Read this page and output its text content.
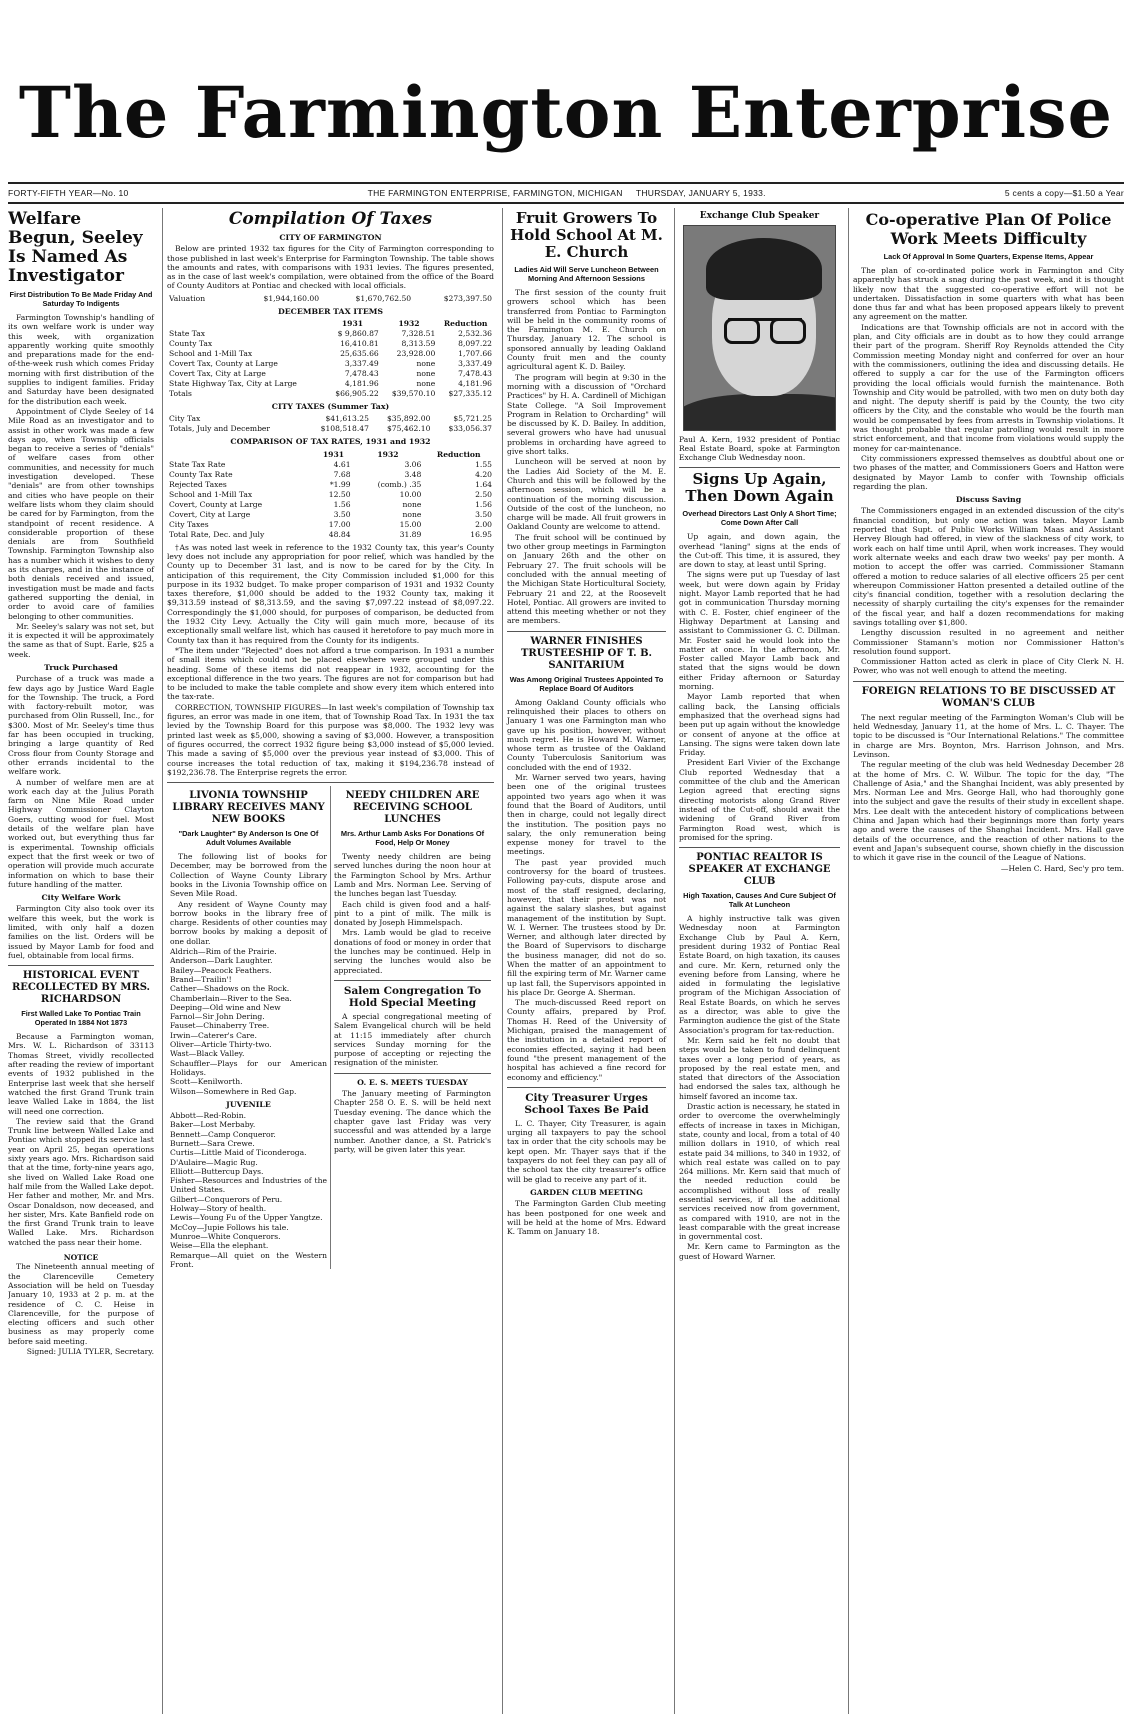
The Farmington Enterprise
FORTY-FIFTH YEAR—No. 10	THE FARMINGTON ENTERPRISE, FARMINGTON, MICHIGAN THURSDAY, JANUARY 5, 1933.	5 cents a copy—$1.50 a Year
Welfare Begun, Seeley Is Named As Investigator
First Distribution To Be Made Friday And Saturday To Indigents

Farmington Township's handling of its own welfare work is under way this week, with organization apparently working quite smoothly and preparations made for the end-of-the-week rush which comes Friday morning with first distribution of the supplies to indigent families. Friday and Saturday have been designated for the distribution each week.

Appointment of Clyde Seeley of 14 Mile Road as an investigator and to assist in other work was made a few days ago, when Township officials began to receive a series of "denials" of welfare cases from other communities, and necessity for much investigation developed. These "denials" are from other townships and cities who have people on their welfare lists whom they claim should be cared for by Farmington, from the standpoint of recent residence. A considerable proportion of these denials are from Southfield Township. Farmington Township also has a number which it wishes to deny as its charges, and in the instance of both denials received and issued, investigation must be made and facts gathered supporting the denial, in order to avoid care of families belonging to other communities.

Mr. Seeley's salary was not set, but it is expected it will be approximately the same as that of Supt. Earle, $25 a week.

Truck Purchased

Purchase of a truck was made a few days ago by Justice Ward Eagle for the Township. The truck, a Ford with factory-rebuilt motor, was purchased from Olin Russell, Inc., for $300. Most of Mr. Seeley's time thus far has been occupied in trucking, bringing a large quantity of Red Cross flour from County Storage and other errands incidental to the welfare work.

A number of welfare men are at work each day at the Julius Porath farm on Nine Mile Road under Highway Commissioner Clayton Goers, cutting wood for fuel. Most details of the welfare plan have worked out, but everything thus far is experimental. Township officials expect that the first week or two of operation will provide much accurate information on which to base their future handling of the matter.

City Welfare Work

Farmington City also took over its welfare this week, but the work is limited, with only half a dozen families on the list. Orders will be issued by Mayor Lamb for food and fuel, obtainable from local firms.

HISTORICAL EVENT RECOLLECTED BY MRS. RICHARDSON
First Walled Lake To Pontiac Train Operated In 1884 Not 1873

Because a Farmington woman, Mrs. W. L. Richardson of 33113 Thomas Street, vividly recollected after reading the review of important events of 1932 published in the Enterprise last week that she herself watched the first Grand Trunk train leave Walled Lake in 1884, the list will need one correction.

The review said that the Grand Trunk line between Walled Lake and Pontiac which stopped its service last year on April 25, began operations sixty years ago. Mrs. Richardson said that at the time, forty-nine years ago, she lived on Walled Lake Road one half mile from the Walled Lake depot. Her father and mother, Mr. and Mrs. Oscar Donaldson, now deceased, and her sister, Mrs. Kate Banfield rode on the first Grand Trunk train to leave Walled Lake. Mrs. Richardson watched the pass near their home.

NOTICE

The Nineteenth annual meeting of the Clarenceville Cemetery Association will be held on Tuesday January 10, 1933 at 2 p. m. at the residence of C. C. Heise in Clarenceville, for the purpose of electing officers and such other business as may properly come before said meeting.

Signed: JULIA TYLER, Secretary.

Compilation Of Taxes
CITY OF FARMINGTON

Below are printed 1932 tax figures for the City of Farmington corresponding to those published in last week's Enterprise for Farmington Township. The table shows the amounts and rates, with comparisons with 1931 levies. The figures presented, as in the case of last week's compilation, were obtained from the office of the Board of County Auditors at Pontiac and checked with local officials.

Valuation	$1,944,160.00	$1,670,762.50	$273,397.50
DECEMBER TAX ITEMS
	1931	1932	Reduction
State Tax	$ 9,860.87	7,328.51	2,532.36
County Tax	16,410.81	8,313.59	8,097.22
School and 1-Mill Tax	25,635.66	23,928.00	1,707.66
Covert Tax, County at Large	3,337.49	none	3,337.49
Covert Tax, City at Large	7,478.43	none	7,478.43
State Highway Tax, City at Large	4,181.96	none	4,181.96
Totals	$66,905.22	$39,570.10	$27,335.12
CITY TAXES (Summer Tax)
City Tax	$41,613.25	$35,892.00	$5,721.25
Totals, July and December	$108,518.47	$75,462.10	$33,056.37
COMPARISON OF TAX RATES, 1931 and 1932
	1931	1932	Reduction
State Tax Rate	4.61	3.06	1.55
County Tax Rate	7.68	3.48	4.20
Rejected Taxes	*1.99	(comb.) .35	1.64
School and 1-Mill Tax	12.50	10.00	2.50
Covert, County at Large	1.56	none	1.56
Covert, City at Large	3.50	none	3.50
City Taxes	17.00	15.00	2.00
Total Rate, Dec. and July	48.84	31.89	16.95

†As was noted last week in reference to the 1932 County tax, this year's County levy does not include any appropriation for poor relief, which was handled by the County up to December 31 last, and is now to be cared for by the City. In anticipation of this requirement, the City Commission included $1,000 for this purpose in its 1932 budget. To make proper comparison of 1931 and 1932 County taxes therefore, $1,000 should be added to the 1932 County tax, making it $9,313.59 instead of $8,313.59, and the saving $7,097.22 instead of $8,097.22. Correspondingly the $1,000 should, for purposes of comparison, be deducted from the 1932 City Levy. Actually the City will gain much more, because of its exceptionally small welfare list, which has caused it heretofore to pay much more in County tax than it has required from the County for its indigents.

*The item under "Rejected" does not afford a true comparison. In 1931 a number of small items which could not be placed elsewhere were grouped under this heading. Some of these items did not reappear in 1932, accounting for the exceptional difference in the two years. The figures are not for comparison but had to be included to make the table complete and show every item which entered into the tax-rate.

CORRECTION, TOWNSHIP FIGURES—In last week's compilation of Township tax figures, an error was made in one item, that of Township Road Tax. In 1931 the tax levied by the Township Board for this purpose was $8,000. The 1932 levy was printed last week as $5,000, showing a saving of $3,000. However, a transposition of figures occurred, the correct 1932 figure being $3,000 instead of $5,000 levied. This made a saving of $5,000 over the previous year instead of $3,000. This of course increases the total reduction of tax, making it $194,236.78 instead of $192,236.78. The Enterprise regrets the error.

LIVONIA TOWNSHIP LIBRARY RECEIVES MANY NEW BOOKS
"Dark Laughter" By Anderson Is One Of Adult Volumes Available

The following list of books for December, may be borrowed from the Collection of Wayne County Library books in the Livonia Township office on Seven Mile Road.

Any resident of Wayne County may borrow books in the library free of charge. Residents of other counties may borrow books by making a deposit of one dollar.

Aldrich—Rim of the Prairie.
Anderson—Dark Laughter.
Bailey—Peacock Feathers.
Brand—Trailin'!
Cather—Shadows on the Rock.
Chamberlain—River to the Sea.
Deeping—Old wine and New
Farnol—Sir John Dering.
Fauset—Chinaberry Tree.
Irwin—Caterer's Care.
Oliver—Article Thirty-two.
Wast—Black Valley.
Schauffler—Plays for our American Holidays.
Scott—Kenilworth.
Wilson—Somewhere in Red Gap.
JUVENILE
Abbott—Red-Robin.
Baker—Lost Merbaby.
Bennett—Camp Conqueror.
Burnett—Sara Crewe.
Curtis—Little Maid of Ticonderoga.
D'Aulaire—Magic Rug.
Elliott—Buttercup Days.
Fisher—Resources and Industries of the United States.
Gilbert—Conquerors of Peru.
Holway—Story of health.
Lewis—Young Fu of the Upper Yangtze.
McCoy—Jupie Follows his tale.
Munroe—White Conquerors.
Weise—Ella the elephant.
Remarque—All quiet on the Western Front.
NEEDY CHILDREN ARE RECEIVING SCHOOL LUNCHES
Mrs. Arthur Lamb Asks For Donations Of Food, Help Or Money

Twenty needy children are being served lunches during the noon hour at the Farmington School by Mrs. Arthur Lamb and Mrs. Norman Lee. Serving of the lunches began last Tuesday.

Each child is given food and a half-pint to a pint of milk. The milk is donated by Joseph Himmelspach.

Mrs. Lamb would be glad to receive donations of food or money in order that the lunches may be continued. Help in serving the lunches would also be appreciated.

Salem Congregation To Hold Special Meeting

A special congregational meeting of Salem Evangelical church will be held at 11:15 immediately after church services Sunday morning for the purpose of accepting or rejecting the resignation of the minister.

O. E. S. MEETS TUESDAY

The January meeting of Farmington Chapter 258 O. E. S. will be held next Tuesday evening. The dance which the chapter gave last Friday was very successful and was attended by a large number. Another dance, a St. Patrick's party, will be given later this year.

Fruit Growers To Hold School At M. E. Church
Ladies Aid Will Serve Luncheon Between Morning And Afternoon Sessions

The first session of the county fruit growers school which has been transferred from Pontiac to Farmington will be held in the community rooms of the Farmington M. E. Church on Thursday, January 12. The school is sponsored annually by leading Oakland County fruit men and the county agricultural agent K. D. Bailey.

The program will begin at 9:30 in the morning with a discussion of "Orchard Practices" by H. A. Cardinell of Michigan State College. "A Soil Improvement Program in Relation to Orcharding" will be discussed by K. D. Bailey. In addition, several growers who have had unusual problems in orcharding have agreed to give short talks.

Luncheon will be served at noon by the Ladies Aid Society of the M. E. Church and this will be followed by the afternoon session, which will be a continuation of the morning discussion. Outside of the cost of the luncheon, no charge will be made. All fruit growers in Oakland County are welcome to attend.

The fruit school will be continued by two other group meetings in Farmington on January 26th and the other on February 27. The fruit schools will be concluded with the annual meeting of the Michigan State Horticultural Society, February 21 and 22, at the Roosevelt Hotel, Pontiac. All growers are invited to attend this meeting whether or not they are members.

WARNER FINISHES TRUSTEESHIP OF T. B. SANITARIUM
Was Among Original Trustees Appointed To Replace Board Of Auditors

Among Oakland County officials who relinquished their places to others on January 1 was one Farmington man who gave up his position, however, without much regret. He is Howard M. Warner, whose term as trustee of the Oakland County Tuberculosis Sanitorium was concluded with the end of 1932.

Mr. Warner served two years, having been one of the original trustees appointed two years ago when it was found that the Board of Auditors, until then in charge, could not legally direct the institution. The position pays no salary, the only remuneration being expense money for travel to the meetings.

The past year provided much controversy for the board of trustees. Following pay-cuts, dispute arose and most of the staff resigned, declaring, however, that their protest was not against the salary slashes, but against management of the institution by Supt. W. I. Werner. The trustees stood by Dr. Werner, and although later directed by the Board of Supervisors to discharge the business manager, did not do so. When the matter of an appointment to fill the expiring term of Mr. Warner came up last fall, the Supervisors appointed in his place Dr. George A. Sherman.

The much-discussed Reed report on County affairs, prepared by Prof. Thomas H. Reed of the University of Michigan, praised the management of the institution in a detailed report of economies effected, saying it had been found "the present management of the hospital has achieved a fine record for economy and efficiency."

City Treasurer Urges School Taxes Be Paid

L. C. Thayer, City Treasurer, is again urging all taxpayers to pay the school tax in order that the city schools may be kept open. Mr. Thayer says that if the taxpayers do not feel they can pay all of the school tax the city treasurer's office will be glad to receive any part of it.

GARDEN CLUB MEETING

The Farmington Garden Club meeting has been postponed for one week and will be held at the home of Mrs. Edward K. Tamm on January 18.

Exchange Club Speaker
Paul A. Kern, 1932 president of Pontiac Real Estate Board, spoke at Farmington Exchange Club Wednesday noon.
Signs Up Again, Then Down Again
Overhead Directors Last Only A Short Time; Come Down After Call

Up again, and down again, the overhead "laning" signs at the ends of the Cut-off. This time, it is assured, they are down to stay, at least until Spring.

The signs were put up Tuesday of last week, but were down again by Friday night. Mayor Lamb reported that he had got in communication Thursday morning with C. E. Foster, chief engineer of the Highway Department at Lansing and assistant to Commissioner G. C. Dillman. Mr. Foster said he would look into the matter at once. In the afternoon, Mr. Foster called Mayor Lamb back and stated that the signs would be down either Friday afternoon or Saturday morning.

Mayor Lamb reported that when calling back, the Lansing officials emphasized that the overhead signs had been put up again without the knowledge or consent of anyone at the office at Lansing. The signs were taken down late Friday.

President Earl Vivier of the Exchange Club reported Wednesday that a committee of the club and the American Legion agreed that erecting signs directing motorists along Grand River instead of the Cut-off, should await the widening of Grand River from Farmington Road west, which is promised for the spring.

PONTIAC REALTOR IS SPEAKER AT EXCHANGE CLUB
High Taxation, Causes And Cure Subject Of Talk At Luncheon

A highly instructive talk was given Wednesday noon at Farmington Exchange Club by Paul A. Kern, president during 1932 of Pontiac Real Estate Board, on high taxation, its causes and cure. Mr. Kern, returned only the evening before from Lansing, where he aided in formulating the legislative program of the Michigan Association of Real Estate Boards, on which he serves as a director, was able to give the Farmington audience the gist of the State Association's program for tax-reduction.

Mr. Kern said he felt no doubt that steps would be taken to fund delinquent taxes over a long period of years, as proposed by the real estate men, and stated that directors of the Association had endorsed the sales tax, although he himself favored an income tax.

Drastic action is necessary, he stated in order to overcome the overwhelmingly effects of increase in taxes in Michigan, state, county and local, from a total of 40 million dollars in 1910, of which real estate paid 34 millions, to 340 in 1932, of which real estate was called on to pay 264 millions. Mr. Kern said that much of the needed reduction could be accomplished without loss of really essential services, if all the additional services received now from government, as compared with 1910, are not in the least comparable with the great increase in governmental cost.

Mr. Kern came to Farmington as the guest of Howard Warner.

Co-operative Plan Of Police Work Meets Difficulty
Lack Of Approval In Some Quarters, Expense Items, Appear

The plan of co-ordinated police work in Farmington and City apparently has struck a snag during the past week, and it is thought likely now that the suggested co-operative effort will not be undertaken. Dissatisfaction in some quarters with what has been done thus far and what has been proposed appears likely to prevent any agreement on the matter.

Indications are that Township officials are not in accord with the plan, and City officials are in doubt as to how they could arrange their part of the program. Sheriff Roy Reynolds attended the City Commission meeting Monday night and conferred for over an hour with the commissioners, outlining the idea and discussing details. He offered to supply a car for the use of the Farmington officers providing the local officials would furnish the maintenance. Both Township and City would be patrolled, with two men on duty both day and night. The deputy sheriff is paid by the County, the two city officers by the City, and the constable who would be the fourth man would be compensated by fees from arrests in Township violations. It was thought probable that regular patrolling would result in more strict enforcement, and that income from violations would supply the money for car-maintenance.

City commissioners expressed themselves as doubtful about one or two phases of the matter, and Commissioners Goers and Hatton were designated by Mayor Lamb to confer with Township officials regarding the plan.

Discuss Saving

The Commissioners engaged in an extended discussion of the city's financial condition, but only one action was taken. Mayor Lamb reported that Supt. of Public Works William Maas and Assistant Hervey Blough had offered, in view of the slackness of city work, to work each on half time until April, when work increases. They would work alternate weeks and each draw two weeks' pay per month. A motion to accept the offer was carried. Commissioner Stamann offered a motion to reduce salaries of all elective officers 25 per cent whereupon Commissioner Hatton presented a detailed outline of the city's financial condition, together with a resolution declaring the necessity of sharply curtailing the city's expenses for the remainder of the fiscal year, and half a dozen recommendations for making savings totalling over $1,800.

Lengthy discussion resulted in no agreement and neither Commissioner Stamann's motion nor Commissioner Hatton's resolution found support.

Commissioner Hatton acted as clerk in place of City Clerk N. H. Power, who was not well enough to attend the meeting.

FOREIGN RELATIONS TO BE DISCUSSED AT WOMAN'S CLUB

The next regular meeting of the Farmington Woman's Club will be held Wednesday, January 11, at the home of Mrs. L. C. Thayer. The topic to be discussed is "Our International Relations." The committee in charge are Mrs. Boynton, Mrs. Harrison Johnson, and Mrs. Levinson.

The regular meeting of the club was held Wednesday December 28 at the home of Mrs. C. W. Wilbur. The topic for the day, "The Challenge of Asia," and the Shanghai Incident, was ably presented by Mrs. Norman Lee and Mrs. George Hall, who had thoroughly gone into the subject and gave the results of their study in excellent shape. Mrs. Lee dealt with the antecedent history of complications between China and Japan which had their beginnings more than forty years ago and were the causes of the Shanghai Incident. Mrs. Hall gave details of the occurrence, and the reaction of other nations to the event and Japan's subsequent course, shown chiefly in the discussion to which it gave rise in the council of the League of Nations.

—Helen C. Hard, Sec'y pro tem.
